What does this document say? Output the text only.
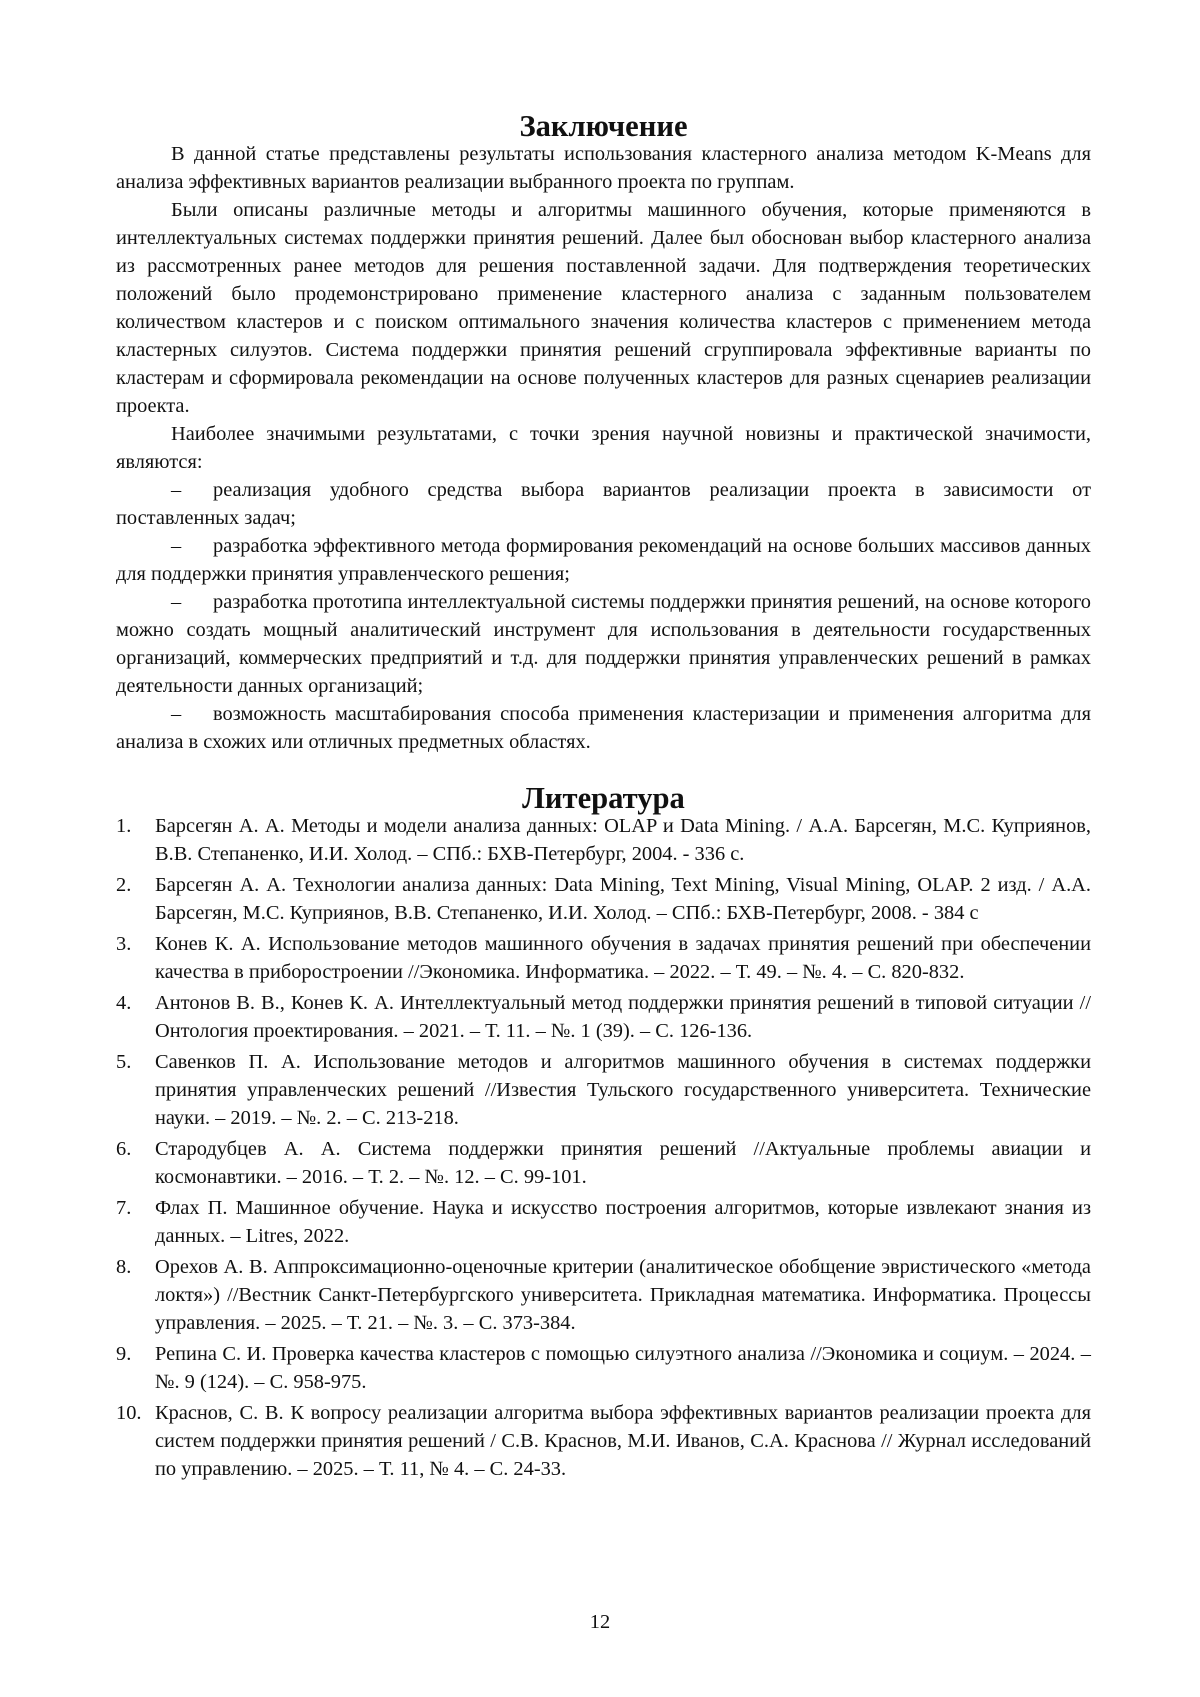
Заключение

В данной статье представлены результаты использования кластерного анализа методом K-Means для анализа эффективных вариантов реализации выбранного проекта по группам.

Были описаны различные методы и алгоритмы машинного обучения, которые применяются в интеллектуальных системах поддержки принятия решений. Далее был обоснован выбор кластерного анализа из рассмотренных ранее методов для решения поставленной задачи. Для подтверждения теоретических положений было продемонстрировано применение кластерного анализа с заданным пользователем количеством кластеров и с поиском оптимального значения количества кластеров с применением метода кластерных силуэтов. Система поддержки принятия решений сгруппировала эффективные варианты по кластерам и сформировала рекомендации на основе полученных кластеров для разных сценариев реализации проекта.

Наиболее значимыми результатами, с точки зрения научной новизны и практической значимости, являются:

– реализация удобного средства выбора вариантов реализации проекта в зависимости от поставленных задач;
– разработка эффективного метода формирования рекомендаций на основе больших массивов данных для поддержки принятия управленческого решения;
– разработка прототипа интеллектуальной системы поддержки принятия решений, на основе которого можно создать мощный аналитический инструмент для использования в деятельности государственных организаций, коммерческих предприятий и т.д. для поддержки принятия управленческих решений в рамках деятельности данных организаций;
– возможность масштабирования способа применения кластеризации и применения алгоритма для анализа в схожих или отличных предметных областях.
Литература
1. Барсегян А. А. Методы и модели анализа данных: OLAP и Data Mining. / А.А. Барсегян, М.С. Куприянов, В.В. Степаненко, И.И. Холод. – СПб.: БХВ-Петербург, 2004. - 336 с.
2. Барсегян А. А. Технологии анализа данных: Data Mining, Text Mining, Visual Mining, OLAP. 2 изд. / А.А. Барсегян, М.С. Куприянов, В.В. Степаненко, И.И. Холод. – СПб.: БХВ-Петербург, 2008. - 384 с
3. Конев К. А. Использование методов машинного обучения в задачах принятия решений при обеспечении качества в приборостроении //Экономика. Информатика. – 2022. – Т. 49. – №. 4. – С. 820-832.
4. Антонов В. В., Конев К. А. Интеллектуальный метод поддержки принятия решений в типовой ситуации //Онтология проектирования. – 2021. – Т. 11. – №. 1 (39). – С. 126-136.
5. Савенков П. А. Использование методов и алгоритмов машинного обучения в системах поддержки принятия управленческих решений //Известия Тульского государственного университета. Технические науки. – 2019. – №. 2. – С. 213-218.
6. Стародубцев А. А. Система поддержки принятия решений //Актуальные проблемы авиации и космонавтики. – 2016. – Т. 2. – №. 12. – С. 99-101.
7. Флах П. Машинное обучение. Наука и искусство построения алгоритмов, которые извлекают знания из данных. – Litres, 2022.
8. Орехов А. В. Аппроксимационно-оценочные критерии (аналитическое обобщение эвристического «метода локтя») //Вестник Санкт-Петербургского университета. Прикладная математика. Информатика. Процессы управления. – 2025. – Т. 21. – №. 3. – С. 373-384.
9. Репина С. И. Проверка качества кластеров с помощью силуэтного анализа //Экономика и социум. – 2024. – №. 9 (124). – С. 958-975.
10. Краснов, С. В. К вопросу реализации алгоритма выбора эффективных вариантов реализации проекта для систем поддержки принятия решений / С.В. Краснов, М.И. Иванов, С.А. Краснова // Журнал исследований по управлению. – 2025. – Т. 11, № 4. – С. 24-33.
12
